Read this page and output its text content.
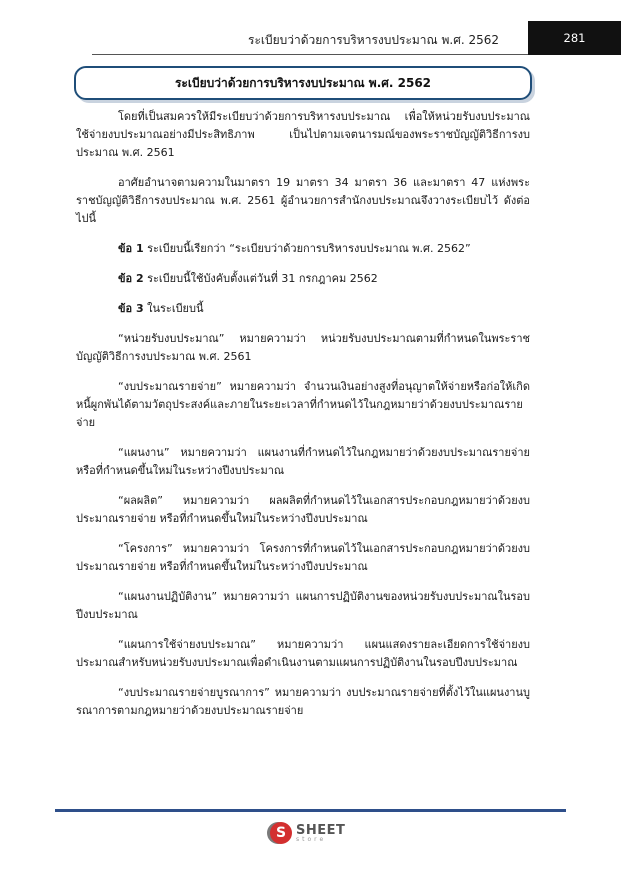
ระเบียบว่าด้วยการบริหารงบประมาณ พ.ศ. 2562	281
ระเบียบว่าด้วยการบริหารงบประมาณ พ.ศ. 2562

โดยที่เป็นสมควรให้มีระเบียบว่าด้วยการบริหารงบประมาณ เพื่อให้หน่วยรับงบประมาณใช้จ่ายงบประมาณอย่างมีประสิทธิภาพ เป็นไปตามเจตนารมณ์ของพระราชบัญญัติวิธีการงบประมาณ พ.ศ. 2561

อาศัยอำนาจตามความในมาตรา 19 มาตรา 34 มาตรา 36 และมาตรา 47 แห่งพระราชบัญญัติวิธีการงบประมาณ พ.ศ. 2561 ผู้อำนวยการสำนักงบประมาณจึงวางระเบียบไว้ ดังต่อไปนี้

ข้อ 1 ระเบียบนี้เรียกว่า “ระเบียบว่าด้วยการบริหารงบประมาณ พ.ศ. 2562”

ข้อ 2 ระเบียบนี้ใช้บังคับตั้งแต่วันที่ 31 กรกฎาคม 2562

ข้อ 3 ในระเบียบนี้

“หน่วยรับงบประมาณ” หมายความว่า หน่วยรับงบประมาณตามที่กำหนดในพระราชบัญญัติวิธีการงบประมาณ พ.ศ. 2561

“งบประมาณรายจ่าย” หมายความว่า จำนวนเงินอย่างสูงที่อนุญาตให้จ่ายหรือก่อให้เกิดหนี้ผูกพันได้ตามวัตถุประสงค์และภายในระยะเวลาที่กำหนดไว้ในกฎหมายว่าด้วยงบประมาณรายจ่าย

“แผนงาน” หมายความว่า แผนงานที่กำหนดไว้ในกฎหมายว่าด้วยงบประมาณรายจ่ายหรือที่กำหนดขึ้นใหม่ในระหว่างปีงบประมาณ

“ผลผลิต” หมายความว่า ผลผลิตที่กำหนดไว้ในเอกสารประกอบกฎหมายว่าด้วยงบประมาณรายจ่าย หรือที่กำหนดขึ้นใหม่ในระหว่างปีงบประมาณ

“โครงการ” หมายความว่า โครงการที่กำหนดไว้ในเอกสารประกอบกฎหมายว่าด้วยงบประมาณรายจ่าย หรือที่กำหนดขึ้นใหม่ในระหว่างปีงบประมาณ

“แผนงานปฏิบัติงาน” หมายความว่า แผนการปฏิบัติงานของหน่วยรับงบประมาณในรอบปีงบประมาณ

“แผนการใช้จ่ายงบประมาณ” หมายความว่า แผนแสดงรายละเอียดการใช้จ่ายงบประมาณสำหรับหน่วยรับงบประมาณเพื่อดำเนินงานตามแผนการปฏิบัติงานในรอบปีงบประมาณ

“งบประมาณรายจ่ายบูรณาการ” หมายความว่า งบประมาณรายจ่ายที่ตั้งไว้ในแผนงานบูรณาการตามกฎหมายว่าด้วยงบประมาณรายจ่าย

S SHEET
store
